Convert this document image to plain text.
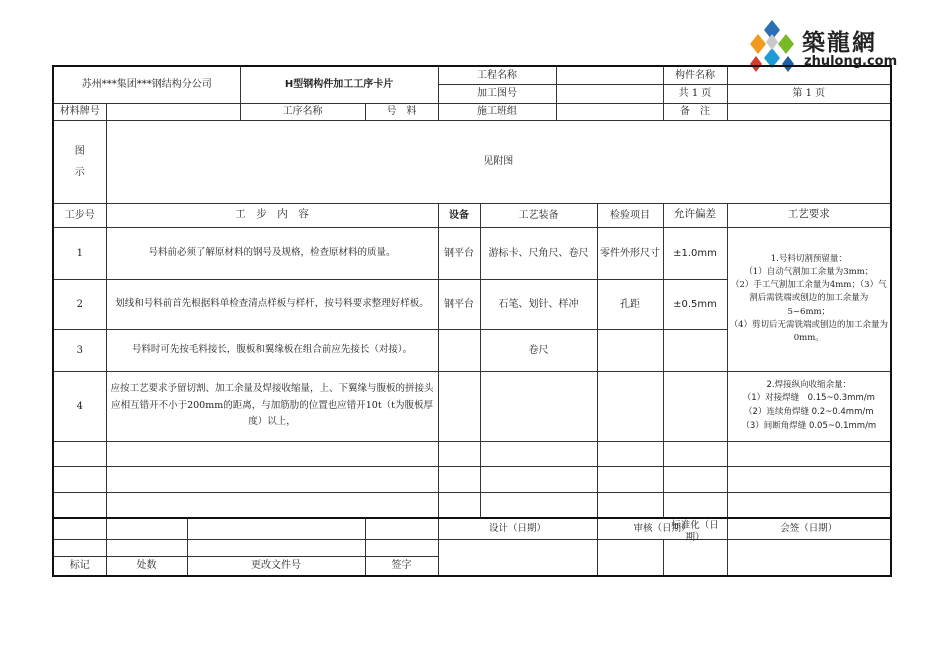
築龍網
zhulong.com
苏州***集团***钢结构分公司			H型钢构件加工工序卡片		工程名称				构件名称	
					加工图号				共 1 页	第 1 页
材料牌号			工序名称	号　料	施工班组				备　注	

图
示	见附图									
工步号	工　步　内　容				设备	工艺装备		检验项目	允许偏差	工艺要求
1	号料前必须了解原材料的钢号及规格，检查原材料的质量。				钢平台	游标卡、尺角尺、卷尺		零件外形尺寸	±1.0mm	1.号料切割预留量：
（1）自动气割加工余量为3mm；
（2）手工气割加工余量为4mm；（3）气割后需铣端或刨边的加工余量为5~6mm；
（4）剪切后无需铣端或刨边的加工余量为0mm。

2	划线和号料前首先根据料单检查清点样板与样杆，按号料要求整理好样板。				钢平台	石笔、划针、样冲		孔距	±0.5mm	
3	号料时可先按毛料接长，腹板和翼缘板在组合前应先接长（对接）。					卷尺				
4	应按工艺要求予留切割、加工余量及焊接收缩量，上、下翼缘与腹板的拼接头应相互错开不小于200mm的距离，与加筋肋的位置也应错开10t（t为腹板厚度）以上，									2.焊接纵向收缩余量：
（1）对接焊缝　0.15~0.3mm/m
（2）连续角焊缝 0.2~0.4mm/m
（3）间断角焊缝 0.05~0.1mm/m

					设计（日期）			审核（日期）		会签（日期）

									标准化（日期）	

标记	处数	更改文件号		签字						
